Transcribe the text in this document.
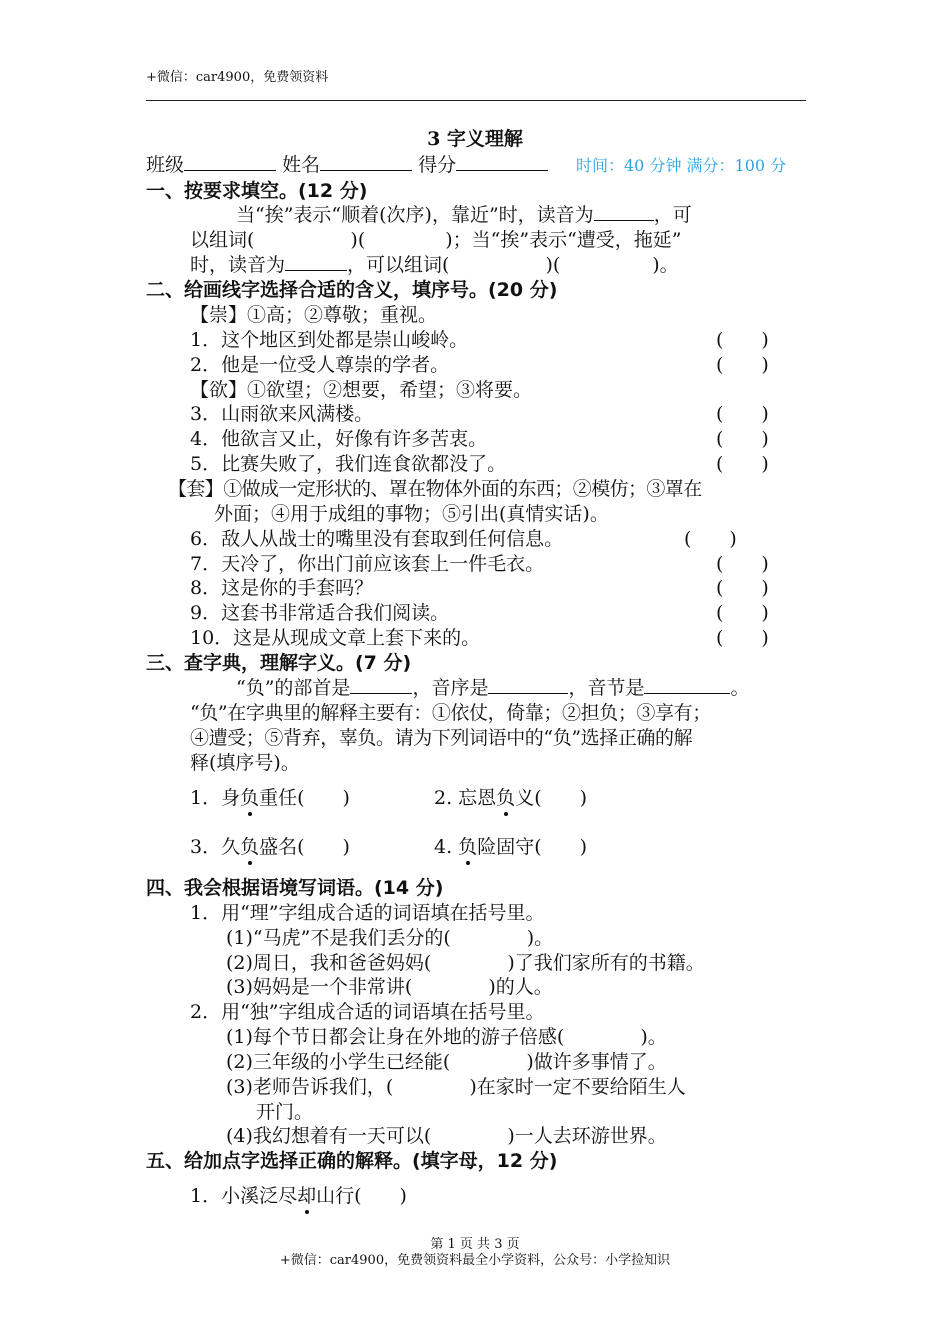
+微信：car4900，免费领资料
3 字义理解
班级	姓名	得分	时间：40 分钟 满分：100 分
一、按要求填空。(12 分)
当“挨”表示“顺着(次序)，靠近”时，读音为	，可
以组词(	)(	)；当“挨”表示“遭受，拖延”
时，读音为	，可以组词(	)(	)。
二、给画线字选择合适的含义，填序号。(20 分)
【崇】①高；②尊敬；重视。
1．这个地区到处都是崇山峻岭。	(　　)
2．他是一位受人尊崇的学者。	(　　)
【欲】①欲望；②想要，希望；③将要。
3．山雨欲来风满楼。	(　　)
4．他欲言又止，好像有许多苦衷。	(　　)
5．比赛失败了，我们连食欲都没了。	(　　)
【套】①做成一定形状的、罩在物体外面的东西；②模仿；③罩在
外面；④用于成组的事物；⑤引出(真情实话)。
6．敌人从战士的嘴里没有套取到任何信息。	(　　)
7．天冷了，你出门前应该套上一件毛衣。	(　　)
8．这是你的手套吗？	(　　)
9．这套书非常适合我们阅读。	(　　)
10．这是从现成文章上套下来的。	(　　)
三、查字典，理解字义。(7 分)
“负”的部首是	，音序是	，音节是	。
“负”在字典里的解释主要有：①依仗，倚靠；②担负；③享有；
④遭受；⑤背弃，辜负。请为下列词语中的“负”选择正确的解
释(填序号)。
1．身负重任(　　)	2. 忘恩负义(　　)
3．久负盛名(　　)	4. 负险固守(　　)
四、我会根据语境写词语。(14 分)
1．用“理”字组成合适的词语填在括号里。
(1)“马虎”不是我们丢分的(　　　　)。
(2)周日，我和爸爸妈妈(　　　　)了我们家所有的书籍。
(3)妈妈是一个非常讲(　　　　)的人。
2．用“独”字组成合适的词语填在括号里。
(1)每个节日都会让身在外地的游子倍感(　　　　)。
(2)三年级的小学生已经能(　　　　)做许多事情了。
(3)老师告诉我们，(　　　　)在家时一定不要给陌生人
开门。
(4)我幻想着有一天可以(　　　　)一人去环游世界。
五、给加点字选择正确的解释。(填字母，12 分)
1．小溪泛尽却山行(　　)
第 1 页 共 3 页
+微信：car4900，免费领资料最全小学资料，公众号：小学捡知识
